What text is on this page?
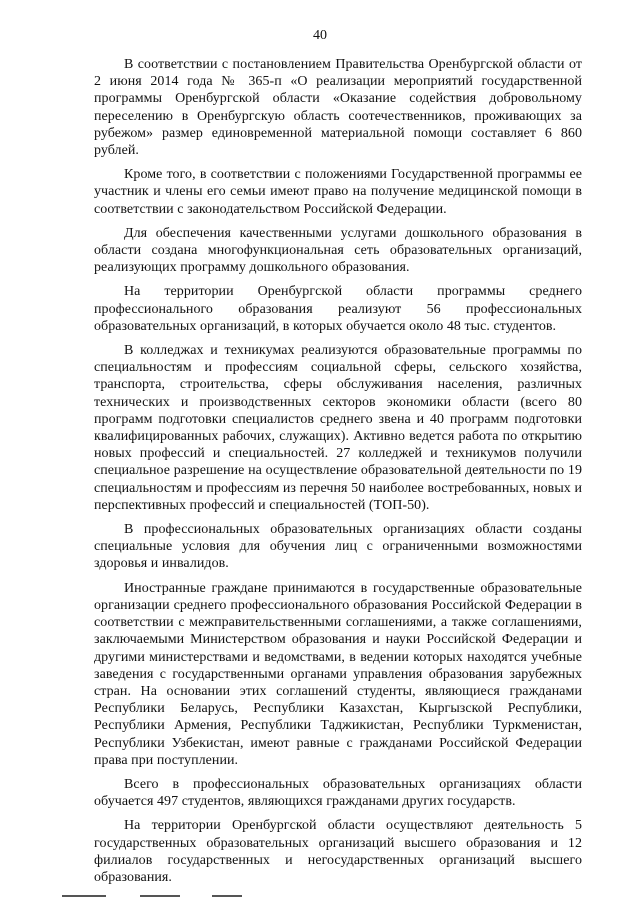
40

В соответствии с постановлением Правительства Оренбургской области от 2 июня 2014 года № 365-п «О реализации мероприятий государственной программы Оренбургской области «Оказание содействия добровольному переселению в Оренбургскую область соотечественников, проживающих за рубежом» размер единовременной материальной помощи составляет 6 860 рублей.

Кроме того, в соответствии с положениями Государственной программы ее участник и члены его семьи имеют право на получение медицинской помощи в соответствии с законодательством Российской Федерации.

Для обеспечения качественными услугами дошкольного образования в области создана многофункциональная сеть образовательных организаций, реализующих программу дошкольного образования.

На территории Оренбургской области программы среднего профессионального образования реализуют 56 профессиональных образовательных организаций, в которых обучается около 48 тыс. студентов.

В колледжах и техникумах реализуются образовательные программы по специальностям и профессиям социальной сферы, сельского хозяйства, транспорта, строительства, сферы обслуживания населения, различных технических и производственных секторов экономики области (всего 80 программ подготовки специалистов среднего звена и 40 программ подготовки квалифицированных рабочих, служащих). Активно ведется работа по открытию новых профессий и специальностей. 27 колледжей и техникумов получили специальное разрешение на осуществление образовательной деятельности по 19 специальностям и профессиям из перечня 50 наиболее востребованных, новых и перспективных профессий и специальностей (ТОП-50).

В профессиональных образовательных организациях области созданы специальные условия для обучения лиц с ограниченными возможностями здоровья и инвалидов.

Иностранные граждане принимаются в государственные образовательные организации среднего профессионального образования Российской Федерации в соответствии с межправительственными соглашениями, а также соглашениями, заключаемыми Министерством образования и науки Российской Федерации и другими министерствами и ведомствами, в ведении которых находятся учебные заведения с государственными органами управления образования зарубежных стран. На основании этих соглашений студенты, являющиеся гражданами Республики Беларусь, Республики Казахстан, Кыргызской Республики, Республики Армения, Республики Таджикистан, Республики Туркменистан, Республики Узбекистан, имеют равные с гражданами Российской Федерации права при поступлении.

Всего в профессиональных образовательных организациях области обучается 497 студентов, являющихся гражданами других государств.

На территории Оренбургской области осуществляют деятельность 5 государственных образовательных организаций высшего образования и 12 филиалов государственных и негосударственных организаций высшего образования.
